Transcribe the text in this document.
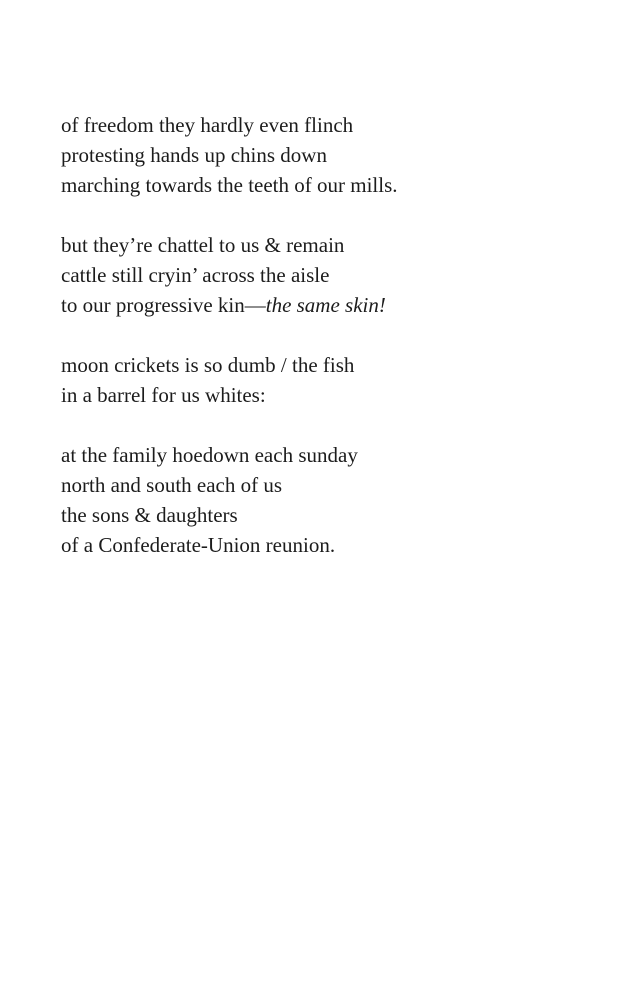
of freedom they hardly even flinch
protesting hands up chins down
marching towards the teeth of our mills.
but they’re chattel to us & remain
cattle still cryin’ across the aisle
to our progressive kin—the same skin!
moon crickets is so dumb / the fish
in a barrel for us whites:
at the family hoedown each sunday
north and south each of us
the sons & daughters
of a Confederate-Union reunion.
